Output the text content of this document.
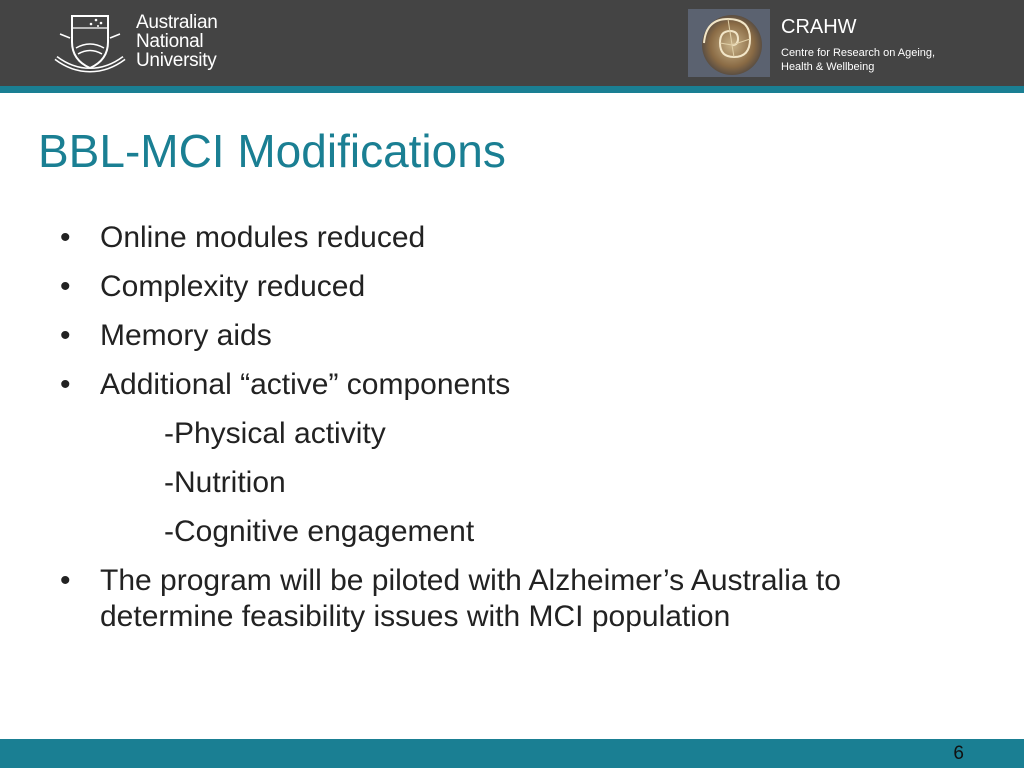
Australian
National
University
CRAHW
Centre for Research on Ageing,
Health & Wellbeing
BBL-MCI Modifications
• Online modules reduced
• Complexity reduced
• Memory aids
• Additional “active” components
-Physical activity
-Nutrition
-Cognitive engagement
• The program will be piloted with Alzheimer’s Australia to determine feasibility issues with MCI population
6
